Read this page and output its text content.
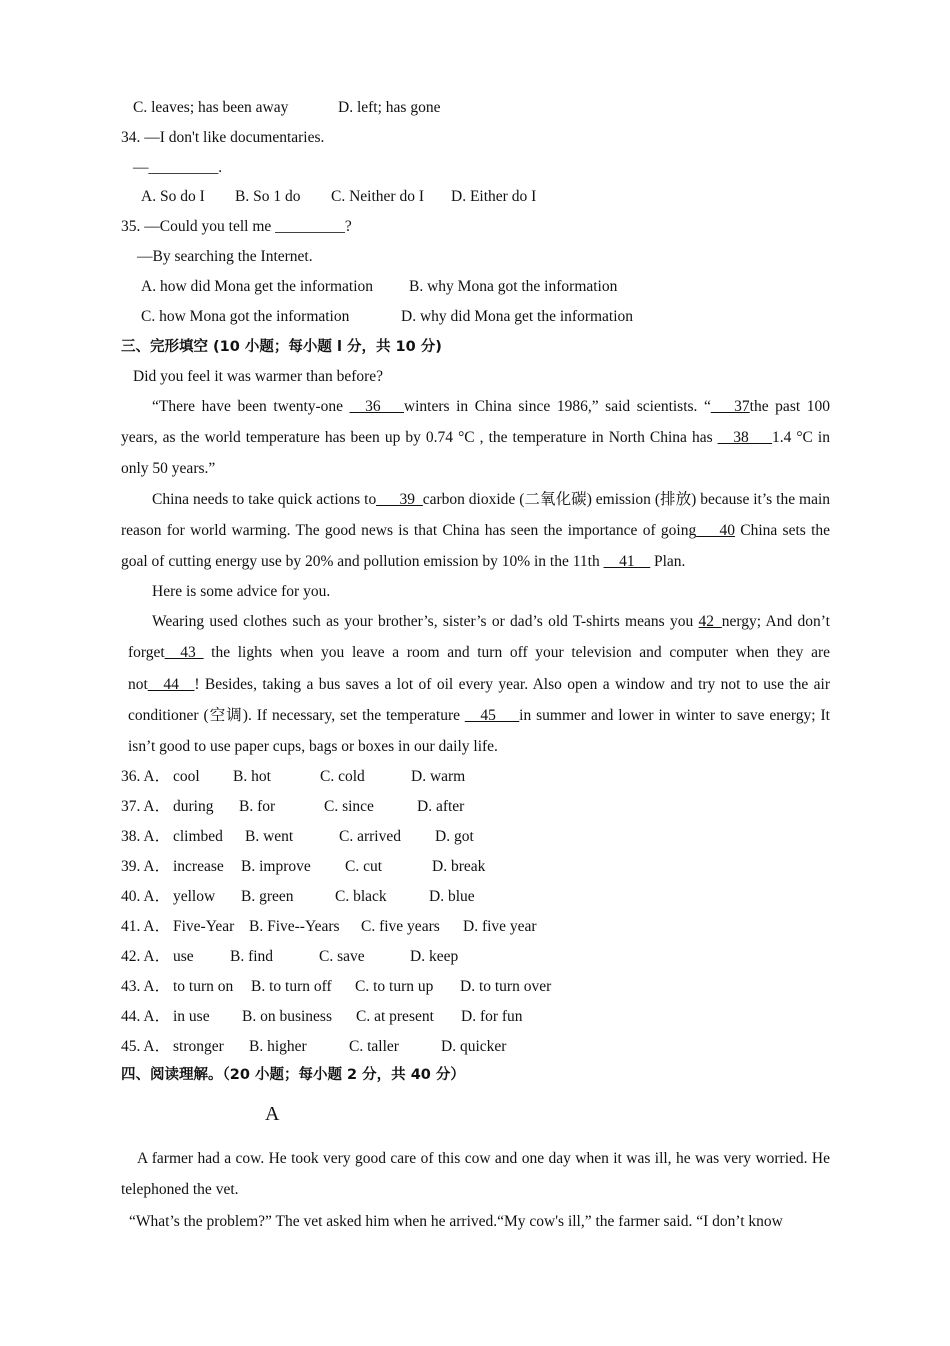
C. leaves; has been away	D. left; has gone
34. —I don't like documentaries.
—_________.
A. So do I B. So 1 do C. Neither do I D. Either do I
35. —Could you tell me _________?
—By searching the Internet.
A. how did Mona get the information B. why Mona got the information
C. how Mona got the information	D. why did Mona get the information
三、完形填空 (10 小题；每小题 l 分，共 10 分)
Did you feel it was warmer than before?

“There have been twenty-one __36___winters in China since 1986,” said scientists. “___37the past 100 years, as the world temperature has been up by 0.74 °C , the temperature in North China has __38___1.4 °C in only 50 years.”

China needs to take quick actions to___39_carbon dioxide (二氧化碳) emission (排放) because it’s the main reason for world warming. The good news is that China has seen the importance of going___40 China sets the goal of cutting energy use by 20% and pollution emission by 10% in the 11th __41__ Plan.

Here is some advice for you.

Wearing used clothes such as your brother’s, sister’s or dad’s old T-shirts means you 42_nergy; And don’t forget__43_ the lights when you leave a room and turn off your television and computer when they are not__44__! Besides, taking a bus saves a lot of oil every year. Also open a window and try not to use the air conditioner (空调). If necessary, set the temperature __45___in summer and lower in winter to save energy; It isn’t good to use paper cups, bags or boxes in our daily life.

36. A． cool B. hot	C. cold	D. warm
37. A． during B. for	C. since	D. after
38. A． climbed B. went	C. arrived D. got
39. A． increase B. improve C. cut	D. break
40. A． yellow B. green	C. black	D. blue
41. A． Five-Year B. Five--Years C. five years D. five year
42. A． use B. find	C. save	D. keep
43. A． to turn on B. to turn off C. to turn up D. to turn over
44. A． in use B. on business C. at present D. for fun
45. A． stronger B. higher	C. taller	D. quicker
四、阅读理解。（20 小题；每小题 2 分，共 40 分）
A

A farmer had a cow. He took very good care of this cow and one day when it was ill, he was very worried. He telephoned the vet.

“What’s the problem?” The vet asked him when he arrived.“My cow's ill,” the farmer said. “I don’t know
